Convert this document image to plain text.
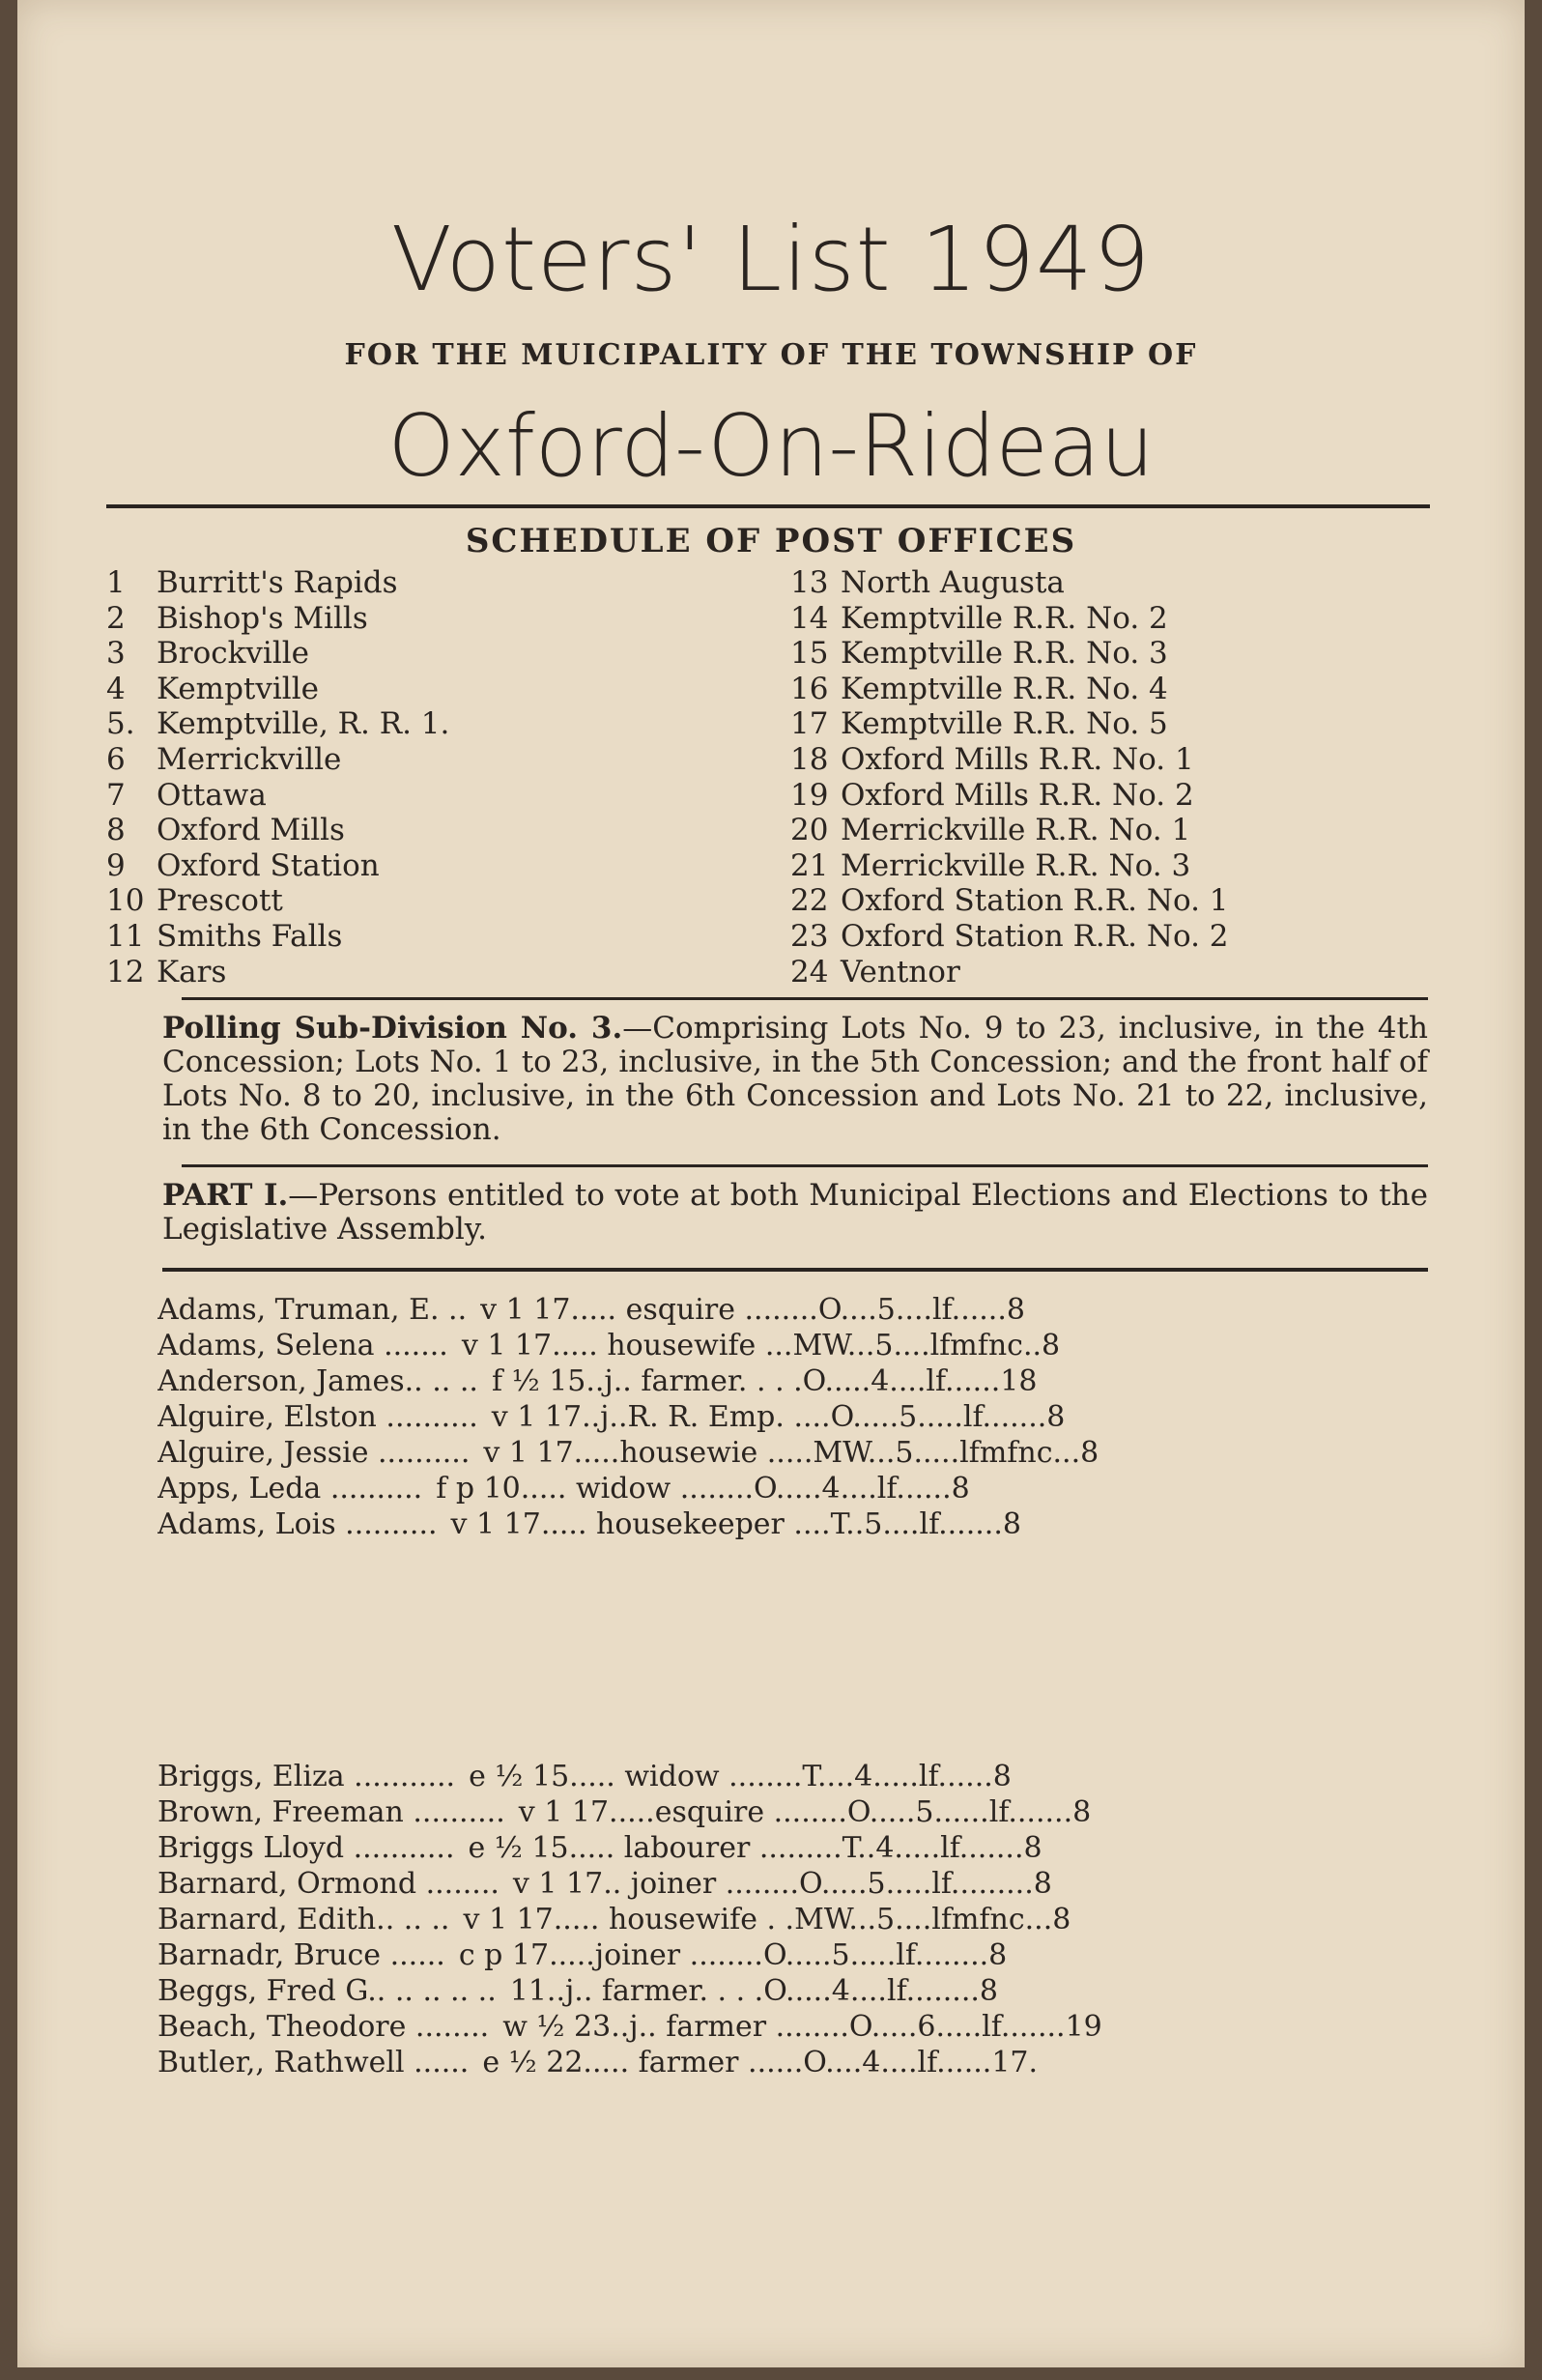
Voters' List 1949
FOR THE MUICIPALITY OF THE TOWNSHIP OF
Oxford-On-Rideau
SCHEDULE OF POST OFFICES
1 Burritt's Rapids
2 Bishop's Mills
3 Brockville
4 Kemptville
5. Kemptville, R. R. 1.
6 Merrickville
7 Ottawa
8 Oxford Mills
9 Oxford Station
10 Prescott
11 Smiths Falls
12 Kars
13 North Augusta
14 Kemptville R.R. No. 2
15 Kemptville R.R. No. 3
16 Kemptville R.R. No. 4
17 Kemptville R.R. No. 5
18 Oxford Mills R.R. No. 1
19 Oxford Mills R.R. No. 2
20 Merrickville R.R. No. 1
21 Merrickville R.R. No. 3
22 Oxford Station R.R. No. 1
23 Oxford Station R.R. No. 2
24 Ventnor
Polling Sub-Division No. 3.—Comprising Lots No. 9 to 23, inclusive, in the 4th Concession; Lots No. 1 to 23, inclusive, in the 5th Concession; and the front half of Lots No. 8 to 20, inclusive, in the 6th Concession and Lots No. 21 to 22, inclusive, in the 6th Concession.
PART I.—Persons entitled to vote at both Municipal Elections and Elections to the Legislative Assembly.
Adams, Truman, E. .. v 1 17..... esquire ........O....5....lf......8
Adams, Selena ....... v 1 17..... housewife ...MW...5....lfmfnc..8
Anderson, James.. .. .. f ½ 15..j.. farmer. . . .O.....4....lf......18
Alguire, Elston .......... v 1 17..j..R. R. Emp. ....O.....5.....lf.......8
Alguire, Jessie .......... v 1 17.....housewie .....MW...5.....lfmfnc...8
Apps, Leda .......... f p 10..... widow ........O.....4....lf......8
Adams, Lois .......... v 1 17..... housekeeper ....T..5....lf.......8
Briggs, Eliza ........... e ½ 15..... widow ........T....4.....lf......8
Brown, Freeman .......... v 1 17.....esquire ........O.....5......lf.......8
Briggs Lloyd ........... e ½ 15..... labourer .........T..4.....lf.......8
Barnard, Ormond ........ v 1 17.. joiner ........O.....5.....lf.........8
Barnard, Edith.. .. .. v 1 17..... housewife . .MW...5....lfmfnc...8
Barnadr, Bruce ...... c p 17.....joiner ........O.....5.....lf........8
Beggs, Fred G.. .. .. .. .. 11..j.. farmer. . . .O.....4....lf........8
Beach, Theodore ........ w ½ 23..j.. farmer ........O.....6.....lf.......19
Butler,, Rathwell ...... e ½ 22..... farmer ......O....4....lf......17.
